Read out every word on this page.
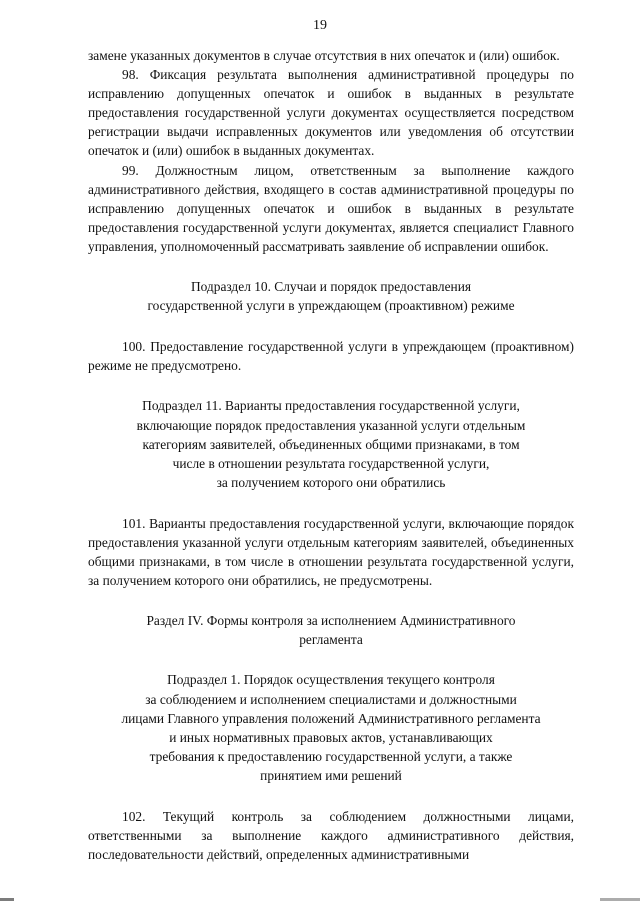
19

замене указанных документов в случае отсутствия в них опечаток и (или) ошибок.

98. Фиксация результата выполнения административной процедуры по исправлению допущенных опечаток и ошибок в выданных в результате предоставления государственной услуги документах осуществляется посредством регистрации выдачи исправленных документов или уведомления об отсутствии опечаток и (или) ошибок в выданных документах.

99. Должностным лицом, ответственным за выполнение каждого административного действия, входящего в состав административной процедуры по исправлению допущенных опечаток и ошибок в выданных в результате предоставления государственной услуги документах, является специалист Главного управления, уполномоченный рассматривать заявление об исправлении ошибок.

Подраздел 10. Случаи и порядок предоставления
государственной услуги в упреждающем (проактивном) режиме

100. Предоставление государственной услуги в упреждающем (проактивном) режиме не предусмотрено.

Подраздел 11. Варианты предоставления государственной услуги,
включающие порядок предоставления указанной услуги отдельным
категориям заявителей, объединенных общими признаками, в том
числе в отношении результата государственной услуги,
за получением которого они обратились

101. Варианты предоставления государственной услуги, включающие порядок предоставления указанной услуги отдельным категориям заявителей, объединенных общими признаками, в том числе в отношении результата государственной услуги, за получением которого они обратились, не предусмотрены.

Раздел IV. Формы контроля за исполнением Административного
регламента

Подраздел 1. Порядок осуществления текущего контроля
за соблюдением и исполнением специалистами и должностными
лицами Главного управления положений Административного регламента
и иных нормативных правовых актов, устанавливающих
требования к предоставлению государственной услуги, а также
принятием ими решений

102. Текущий контроль за соблюдением должностными лицами, ответственными за выполнение каждого административного действия, последовательности действий, определенных административными
